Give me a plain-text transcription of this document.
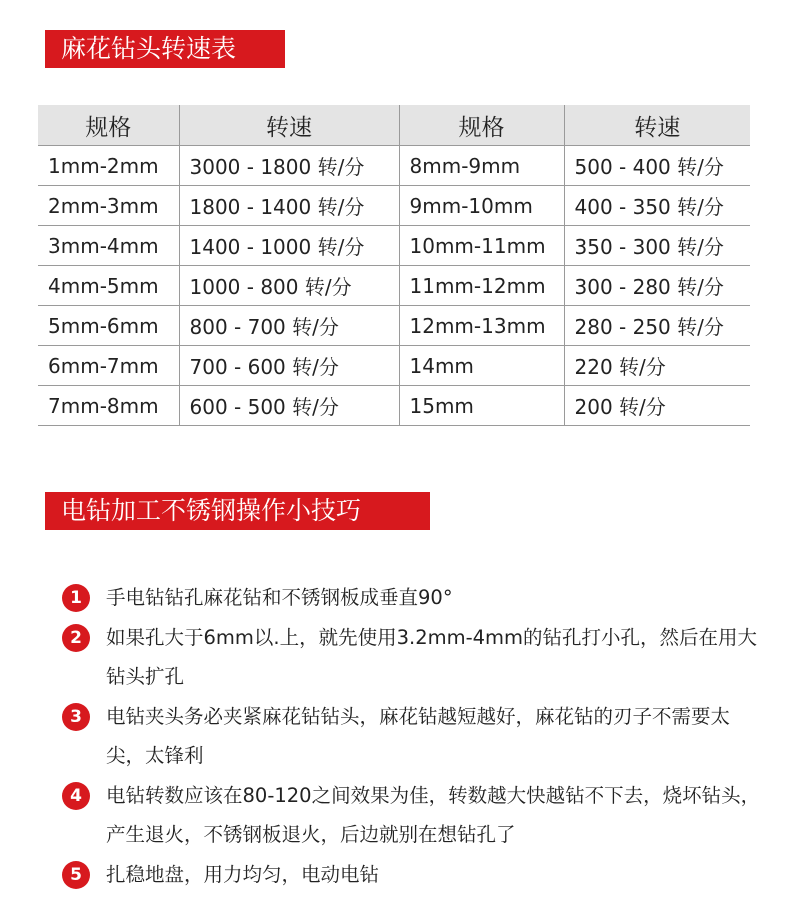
麻花钻头转速表
规格	转速	规格	转速
1mm-2mm	3000 - 1800 转/分	8mm-9mm	500 - 400 转/分
2mm-3mm	1800 - 1400 转/分	9mm-10mm	400 - 350 转/分
3mm-4mm	1400 - 1000 转/分	10mm-11mm	350 - 300 转/分
4mm-5mm	1000 - 800 转/分	11mm-12mm	300 - 280 转/分
5mm-6mm	800 - 700 转/分	12mm-13mm	280 - 250 转/分
6mm-7mm	700 - 600 转/分	14mm	220 转/分
7mm-8mm	600 - 500 转/分	15mm	200 转/分
电钻加工不锈钢操作小技巧
1	手电钻钻孔麻花钻和不锈钢板成垂直90°
2	如果孔大于6mm以.上，就先使用3.2mm-4mm的钻孔打小孔，然后在用大钻头扩孔
3	电钻夹头务必夹紧麻花钻钻头，麻花钻越短越好，麻花钻的刃子不需要太尖，太锋利
4	电钻转数应该在80-120之间效果为佳，转数越大快越钻不下去，烧坏钻头，产生退火，不锈钢板退火，后边就别在想钻孔了
5	扎稳地盘，用力均匀，电动电钻
